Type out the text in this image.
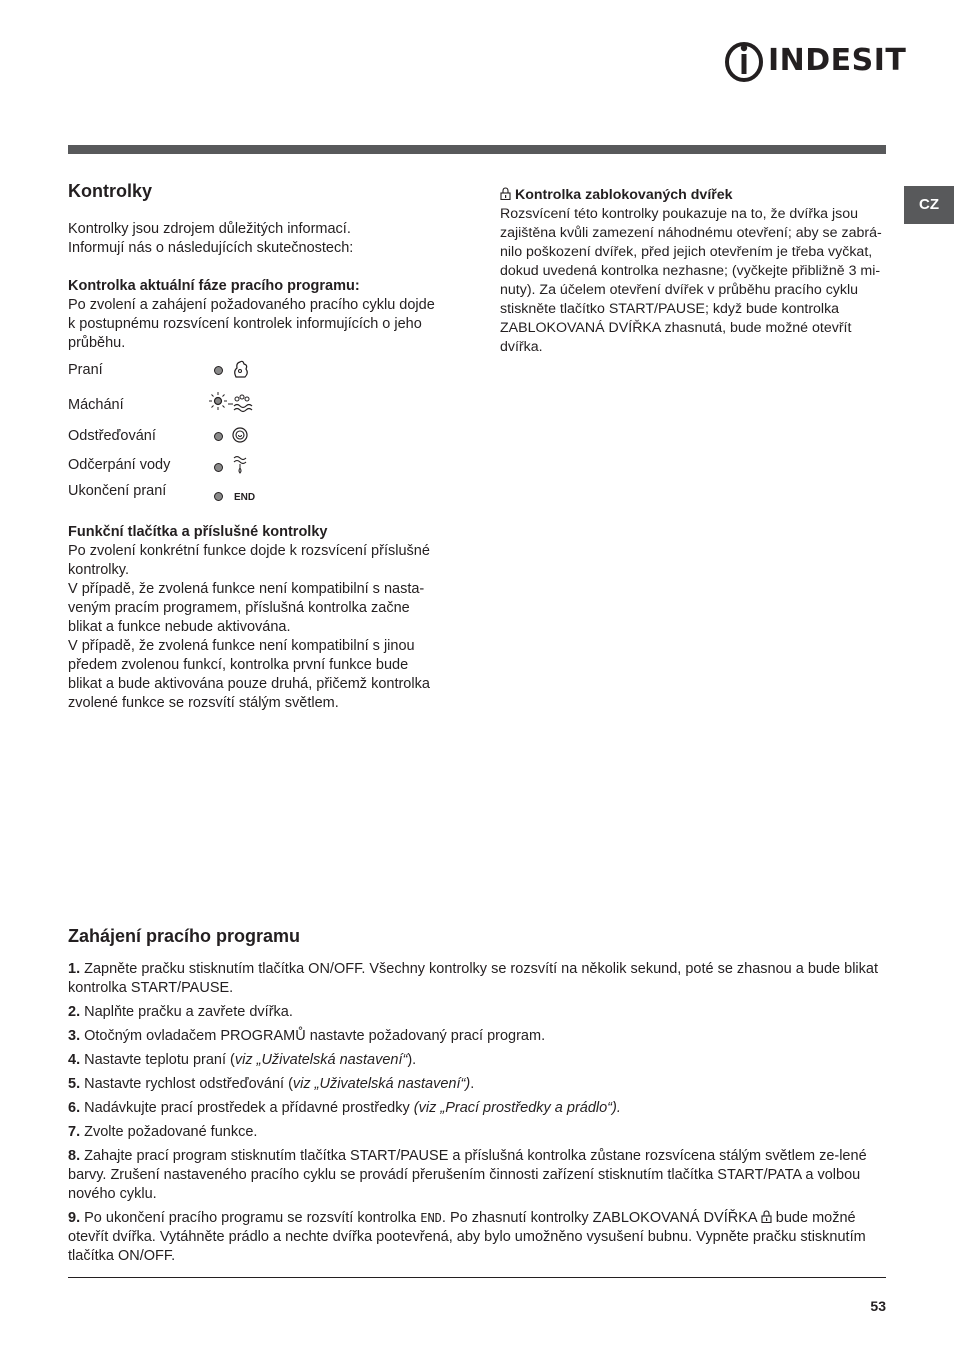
INDESIT
CZ
Kontrolky

Kontrolky jsou zdrojem důležitých informací.

Informují nás o následujících skutečnostech:

Kontrolka aktuální fáze pracího programu:

Po zvolení a zahájení požadovaného pracího cyklu dojde

k postupnému rozsvícení kontrolek informujících o jeho

průběhu.

Praní
Máchání
Odstřeďování
Odčerpání vody
Ukončení praní	END

Funkční tlačítka a příslušné kontrolky

Po zvolení konkrétní funkce dojde k rozsvícení příslušné

kontrolky.

V případě, že zvolená funkce není kompatibilní s nasta-

veným pracím programem, příslušná kontrolka začne

blikat a funkce nebude aktivována.

V případě, že zvolená funkce není kompatibilní s jinou

předem zvolenou funkcí, kontrolka první funkce bude

blikat a bude aktivována pouze druhá, přičemž kontrolka

zvolené funkce se rozsvítí stálým světlem.

Kontrolka zablokovaných dvířek

Rozsvícení této kontrolky poukazuje na to, že dvířka jsou

zajištěna kvůli zamezení náhodnému otevření; aby se zabrá-

nilo poškození dvířek, před jejich otevřením je třeba vyčkat,

dokud uvedená kontrolka nezhasne; (vyčkejte přibližně 3 mi-

nuty). Za účelem otevření dvířek v průběhu pracího cyklu

stiskněte tlačítko START/PAUSE; když bude kontrolka

ZABLOKOVANÁ DVÍŘKA zhasnutá, bude možné otevřít

dvířka.

Zahájení pracího programu

1. Zapněte pračku stisknutím tlačítka ON/OFF. Všechny kontrolky se rozsvítí na několik sekund, poté se zhasnou a bude blikat kontrolka START/PAUSE.

2. Naplňte pračku a zavřete dvířka.

3. Otočným ovladačem PROGRAMŮ nastavte požadovaný prací program.

4. Nastavte teplotu praní (viz „Uživatelská nastavení“).

5. Nastavte rychlost odstřeďování (viz „Uživatelská nastavení“).

6. Nadávkujte prací prostředek a přídavné prostředky (viz „Prací prostředky a prádlo“).

7. Zvolte požadované funkce.

8. Zahajte prací program stisknutím tlačítka START/PAUSE a příslušná kontrolka zůstane rozsvícena stálým světlem ze-lené barvy. Zrušení nastaveného pracího cyklu se provádí přerušením činnosti zařízení stisknutím tlačítka START/PATA a volbou nového cyklu.

9. Po ukončení pracího programu se rozsvítí kontrolka END. Po zhasnutí kontrolky ZABLOKOVANÁ DVÍŘKA  bude možné otevřít dvířka. Vytáhněte prádlo a nechte dvířka pootevřená, aby bylo umožněno vysušení bubnu. Vypněte pračku stisknutím tlačítka ON/OFF.

53
